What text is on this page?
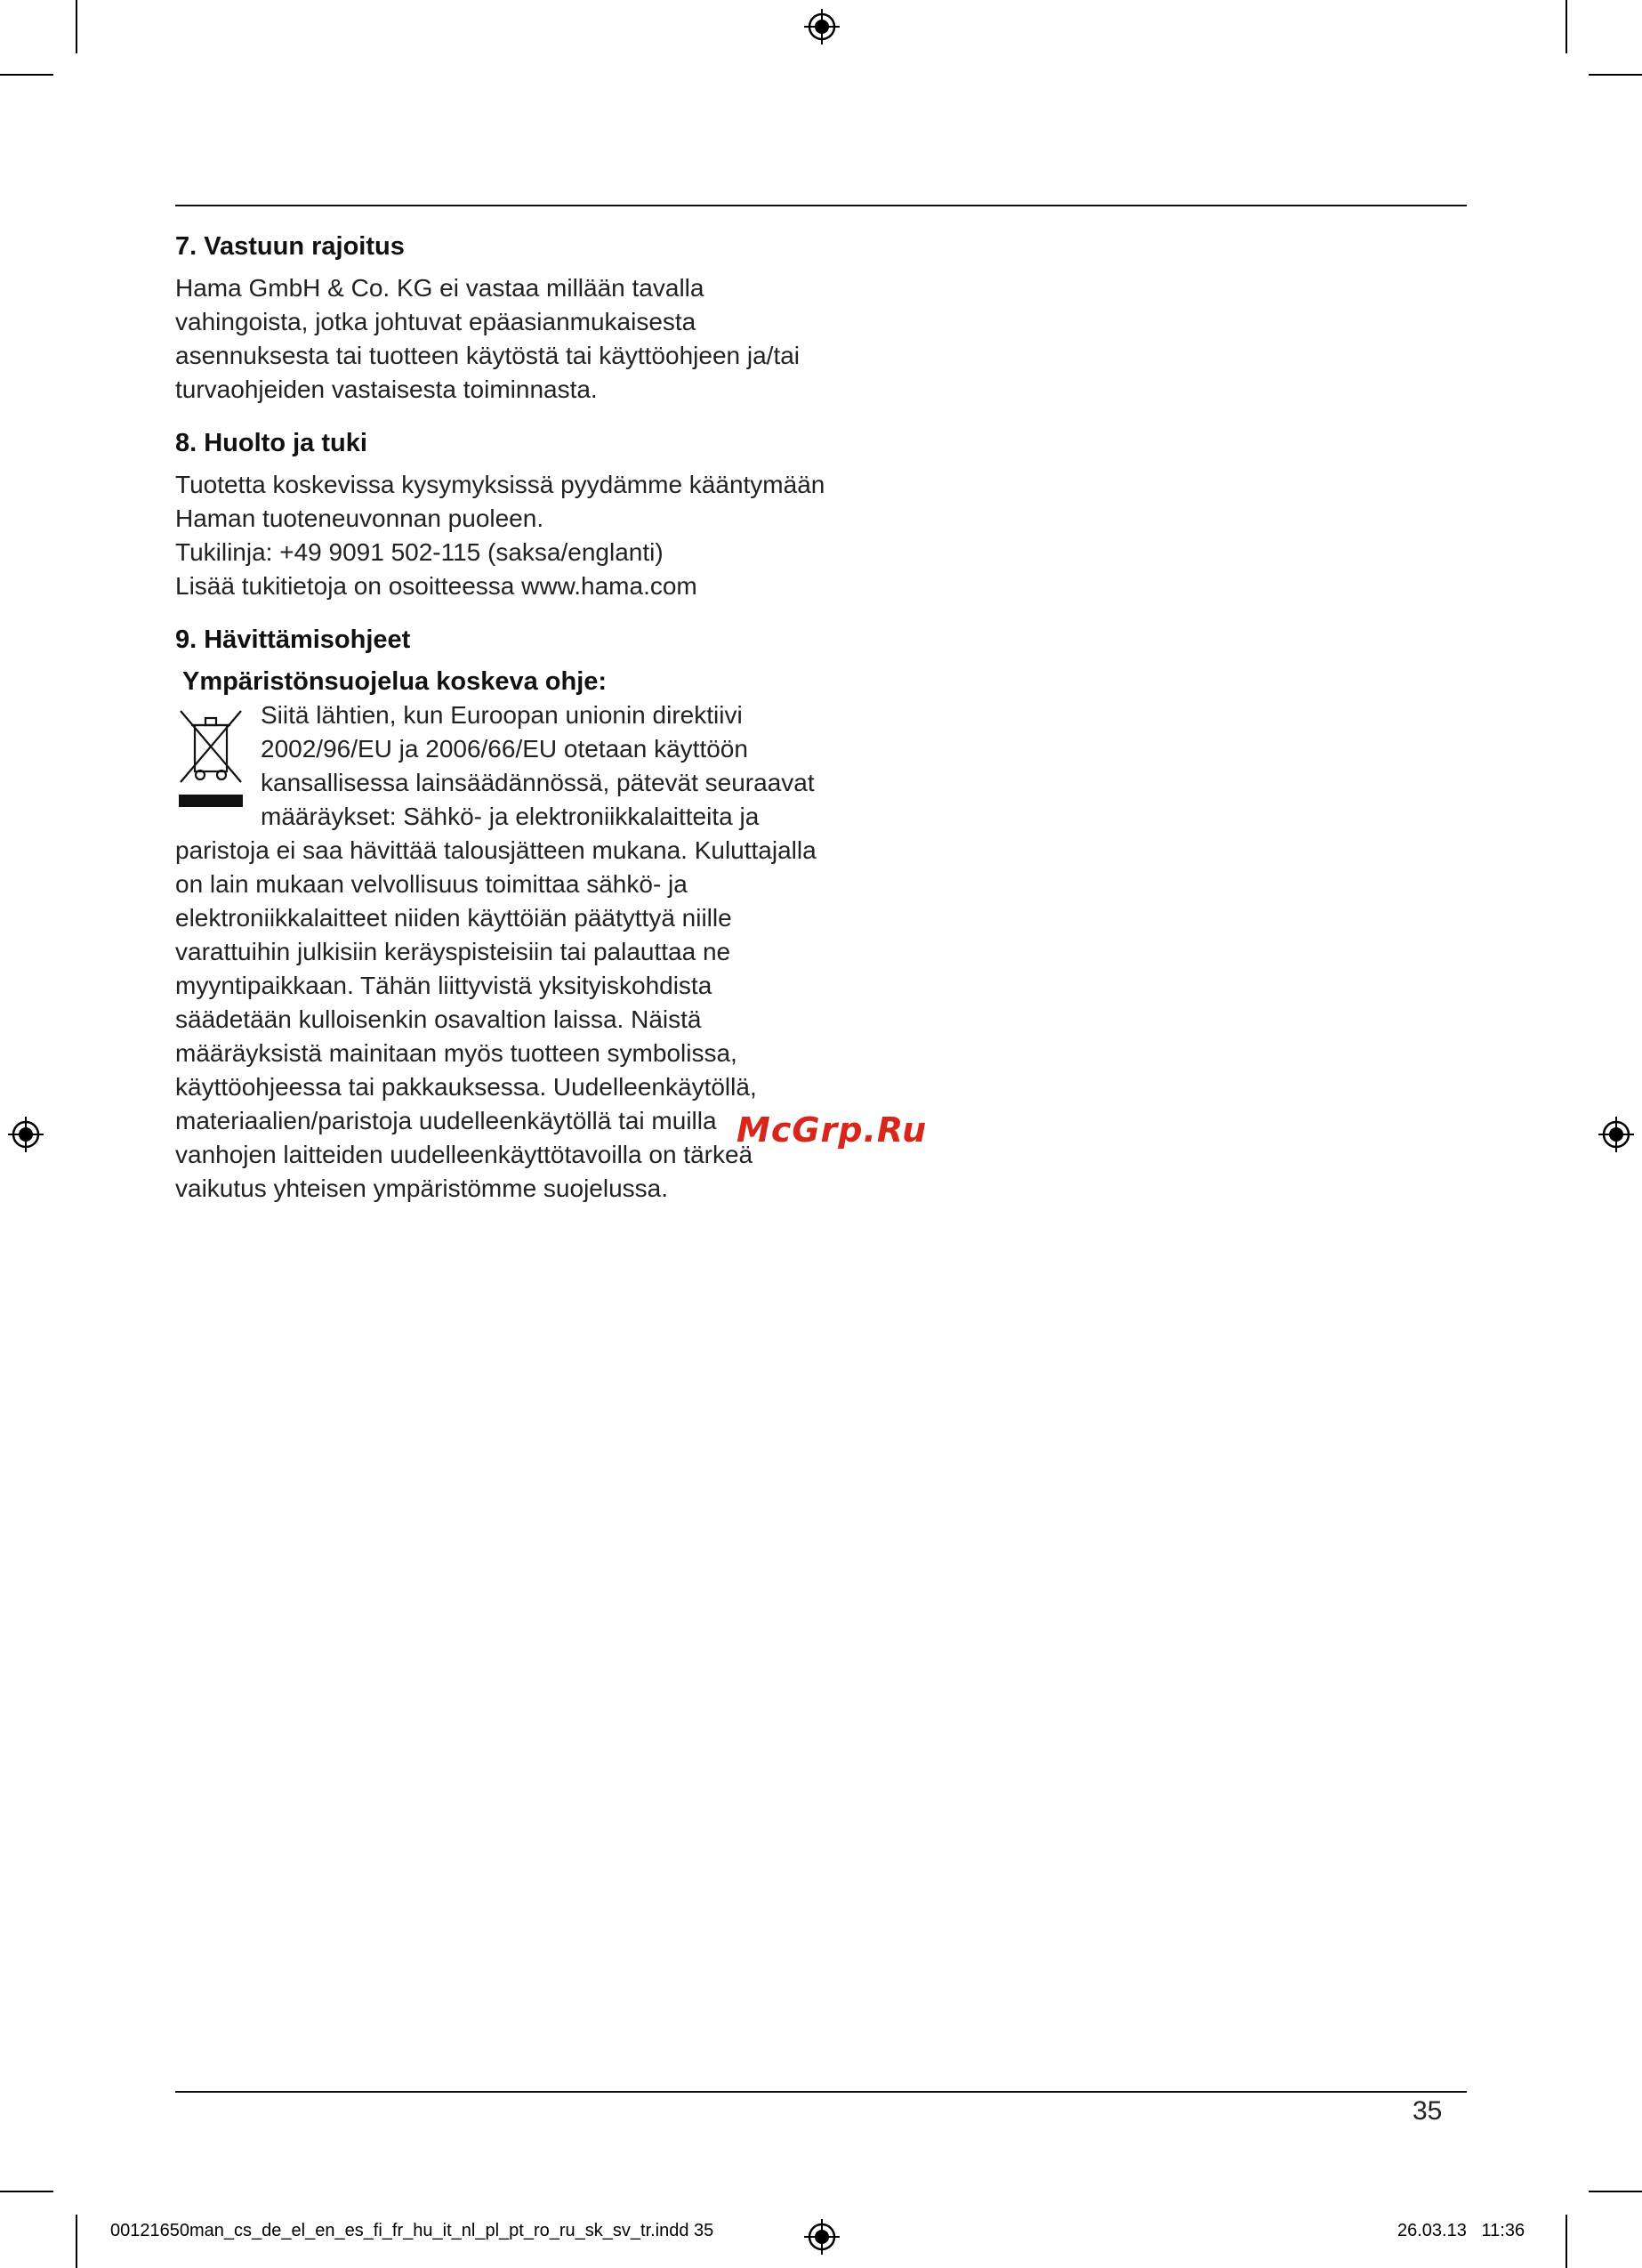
7. Vastuun rajoitus

Hama GmbH & Co. KG ei vastaa millään tavalla
vahingoista, jotka johtuvat epäasianmukaisesta
asennuksesta tai tuotteen käytöstä tai käyttöohjeen ja/tai
turvaohjeiden vastaisesta toiminnasta.

8. Huolto ja tuki

Tuotetta koskevissa kysymyksissä pyydämme kääntymään
Haman tuoteneuvonnan puoleen.
Tukilinja: +49 9091 502-115 (saksa/englanti)
Lisää tukitietoja on osoitteessa www.hama.com

9. Hävittämisohjeet

Ympäristönsuojelua koskeva ohje:

Siitä lähtien, kun Euroopan unionin direktiivi
2002/96/EU ja 2006/66/EU otetaan käyttöön
kansallisessa lainsäädännössä, pätevät seuraavat
määräykset: Sähkö- ja elektroniikkalaitteita ja

paristoja ei saa hävittää talousjätteen mukana. Kuluttajalla
on lain mukaan velvollisuus toimittaa sähkö- ja
elektroniikkalaitteet niiden käyttöiän päätyttyä niille
varattuihin julkisiin keräyspisteisiin tai palauttaa ne
myyntipaikkaan. Tähän liittyvistä yksityiskohdista
säädetään kulloisenkin osavaltion laissa. Näistä
määräyksistä mainitaan myös tuotteen symbolissa,
käyttöohjeessa tai pakkauksessa. Uudelleenkäytöllä,
materiaalien/paristoja uudelleenkäytöllä tai muilla
vanhojen laitteiden uudelleenkäyttötavoilla on tärkeä
vaikutus yhteisen ympäristömme suojelussa.

McGrp.Ru
35
00121650man_cs_de_el_en_es_fi_fr_hu_it_nl_pl_pt_ro_ru_sk_sv_tr.indd 35	26.03.13   11:36
